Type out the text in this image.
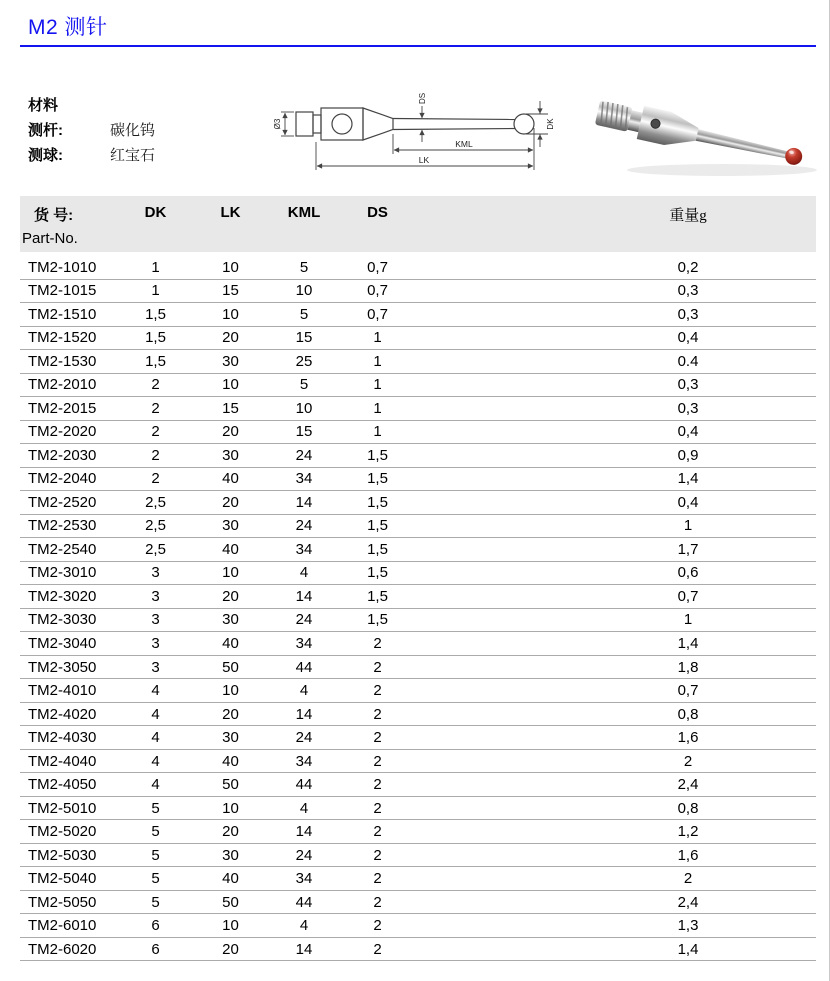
M2 测针
材料
测杆:	碳化钨
测球:	红宝石
Ø3
DS
DK
KML
LK
货 号:
Part-No.
DK	LK	KML	DS	重量g
TM2-1010	1	10	5	0,7	0,2
TM2-1015	1	15	10	0,7	0,3
TM2-1510	1,5	10	5	0,7	0,3
TM2-1520	1,5	20	15	1	0,4
TM2-1530	1,5	30	25	1	0.4
TM2-2010	2	10	5	1	0,3
TM2-2015	2	15	10	1	0,3
TM2-2020	2	20	15	1	0,4
TM2-2030	2	30	24	1,5	0,9
TM2-2040	2	40	34	1,5	1,4
TM2-2520	2,5	20	14	1,5	0,4
TM2-2530	2,5	30	24	1,5	1
TM2-2540	2,5	40	34	1,5	1,7
TM2-3010	3	10	4	1,5	0,6
TM2-3020	3	20	14	1,5	0,7
TM2-3030	3	30	24	1,5	1
TM2-3040	3	40	34	2	1,4
TM2-3050	3	50	44	2	1,8
TM2-4010	4	10	4	2	0,7
TM2-4020	4	20	14	2	0,8
TM2-4030	4	30	24	2	1,6
TM2-4040	4	40	34	2	2
TM2-4050	4	50	44	2	2,4
TM2-5010	5	10	4	2	0,8
TM2-5020	5	20	14	2	1,2
TM2-5030	5	30	24	2	1,6
TM2-5040	5	40	34	2	2
TM2-5050	5	50	44	2	2,4
TM2-6010	6	10	4	2	1,3
TM2-6020	6	20	14	2	1,4
